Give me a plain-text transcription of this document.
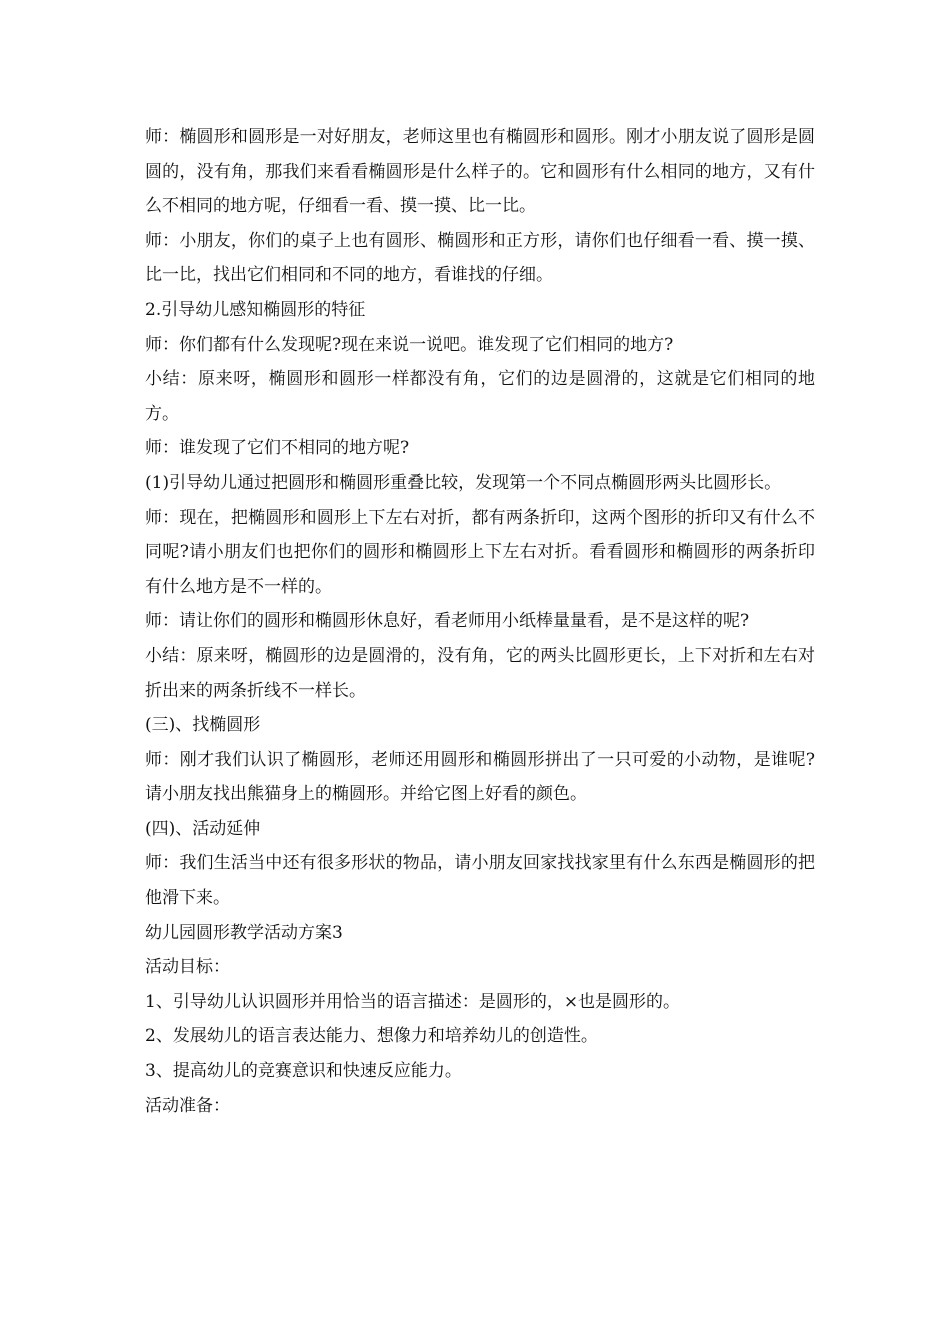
师：椭圆形和圆形是一对好朋友，老师这里也有椭圆形和圆形。刚才小朋友说了圆形是圆圆的，没有角，那我们来看看椭圆形是什么样子的。它和圆形有什么相同的地方，又有什么不相同的地方呢，仔细看一看、摸一摸、比一比。

师：小朋友，你们的桌子上也有圆形、椭圆形和正方形，请你们也仔细看一看、摸一摸、比一比，找出它们相同和不同的地方，看谁找的仔细。

2.引导幼儿感知椭圆形的特征

师：你们都有什么发现呢?现在来说一说吧。谁发现了它们相同的地方?

小结：原来呀，椭圆形和圆形一样都没有角，它们的边是圆滑的，这就是它们相同的地方。

师：谁发现了它们不相同的地方呢?

(1)引导幼儿通过把圆形和椭圆形重叠比较，发现第一个不同点椭圆形两头比圆形长。

师：现在，把椭圆形和圆形上下左右对折，都有两条折印，这两个图形的折印又有什么不同呢?请小朋友们也把你们的圆形和椭圆形上下左右对折。看看圆形和椭圆形的两条折印有什么地方是不一样的。

师：请让你们的圆形和椭圆形休息好，看老师用小纸棒量量看，是不是这样的呢?

小结：原来呀，椭圆形的边是圆滑的，没有角，它的两头比圆形更长，上下对折和左右对折出来的两条折线不一样长。

(三)、找椭圆形

师：刚才我们认识了椭圆形，老师还用圆形和椭圆形拼出了一只可爱的小动物，是谁呢?请小朋友找出熊猫身上的椭圆形。并给它图上好看的颜色。

(四)、活动延伸

师：我们生活当中还有很多形状的物品，请小朋友回家找找家里有什么东西是椭圆形的把他滑下来。

幼儿园圆形教学活动方案3

活动目标：

1、引导幼儿认识圆形并用恰当的语言描述：是圆形的，×也是圆形的。

2、发展幼儿的语言表达能力、想像力和培养幼儿的创造性。

3、提高幼儿的竞赛意识和快速反应能力。

活动准备：
